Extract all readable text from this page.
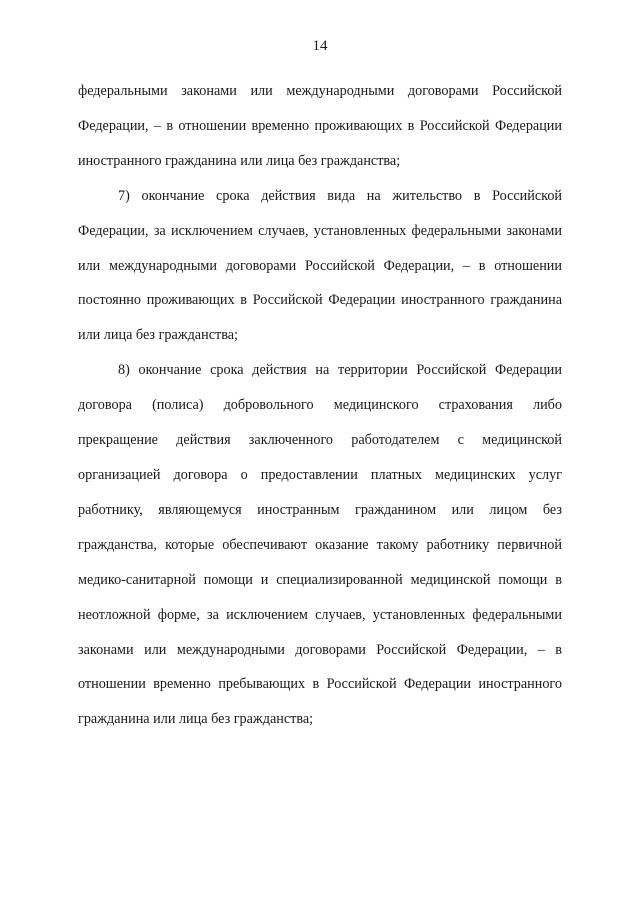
14

федеральными законами или международными договорами Российской Федерации, – в отношении временно проживающих в Российской Федерации иностранного гражданина или лица без гражданства;

7) окончание срока действия вида на жительство в Российской Федерации, за исключением случаев, установленных федеральными законами или международными договорами Российской Федерации, – в отношении постоянно проживающих в Российской Федерации иностранного гражданина или лица без гражданства;

8) окончание срока действия на территории Российской Федерации договора (полиса) добровольного медицинского страхования либо прекращение действия заключенного работодателем с медицинской организацией договора о предоставлении платных медицинских услуг работнику, являющемуся иностранным гражданином или лицом без гражданства, которые обеспечивают оказание такому работнику первичной медико-санитарной помощи и специализированной медицинской помощи в неотложной форме, за исключением случаев, установленных федеральными законами или международными договорами Российской Федерации, – в отношении временно пребывающих в Российской Федерации иностранного гражданина или лица без гражданства;
